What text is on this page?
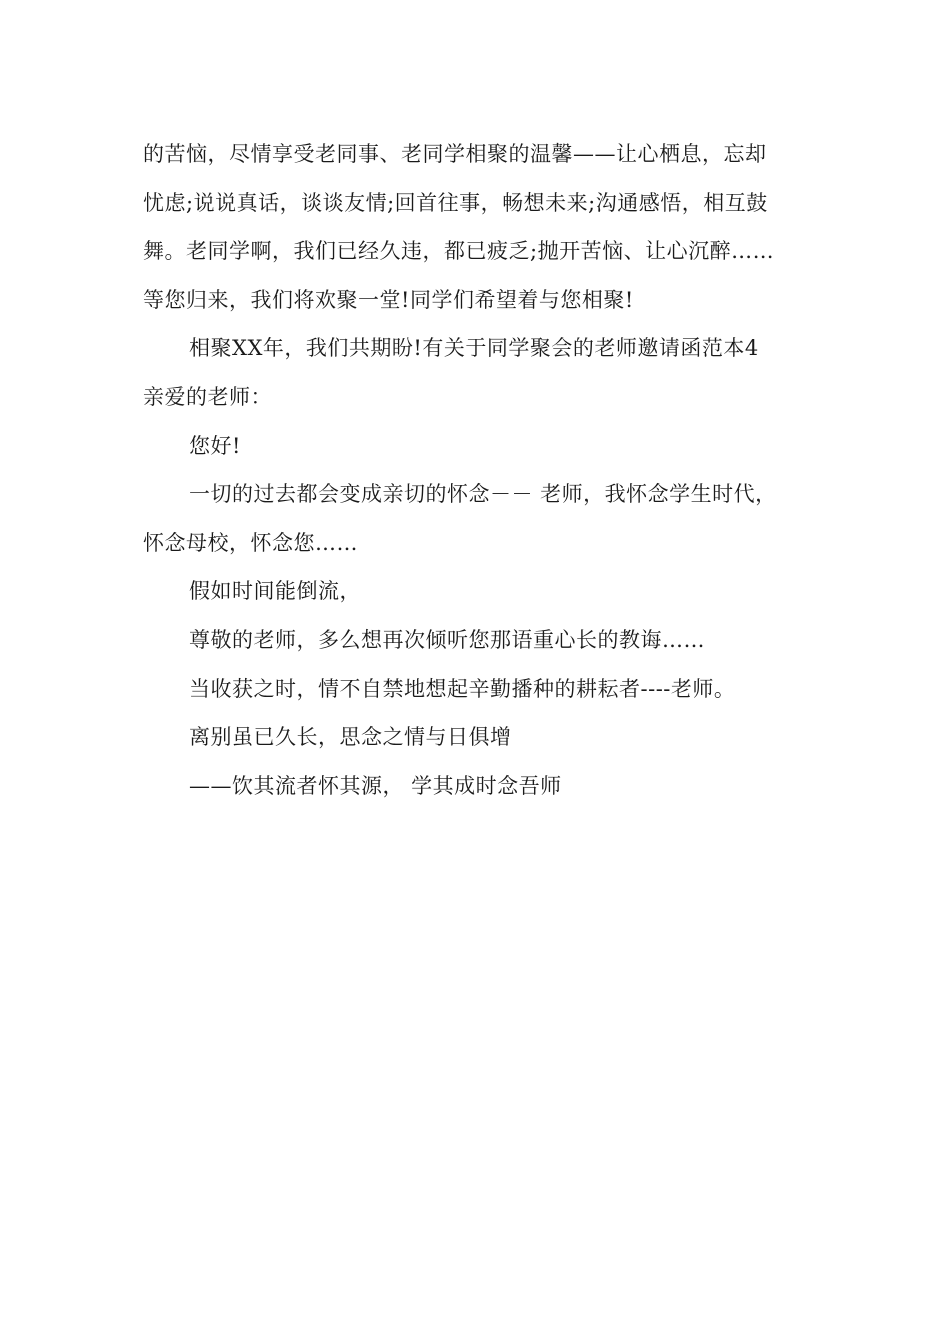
的苦恼，尽情享受老同事、老同学相聚的温馨——让心栖息，忘却
忧虑;说说真话，谈谈友情;回首往事，畅想未来;沟通感悟，相互鼓
舞。老同学啊，我们已经久违，都已疲乏;抛开苦恼、让心沉醉……
等您归来，我们将欢聚一堂!同学们希望着与您相聚!
相聚XX年，我们共期盼!有关于同学聚会的老师邀请函范本4
亲爱的老师：
您好!
一切的过去都会变成亲切的怀念－－ 老师，我怀念学生时代，
怀念母校，怀念您……
假如时间能倒流，
尊敬的老师，多么想再次倾听您那语重心长的教诲……
当收获之时，情不自禁地想起辛勤播种的耕耘者----老师。
离别虽已久长，思念之情与日俱增
——饮其流者怀其源， 学其成时念吾师
